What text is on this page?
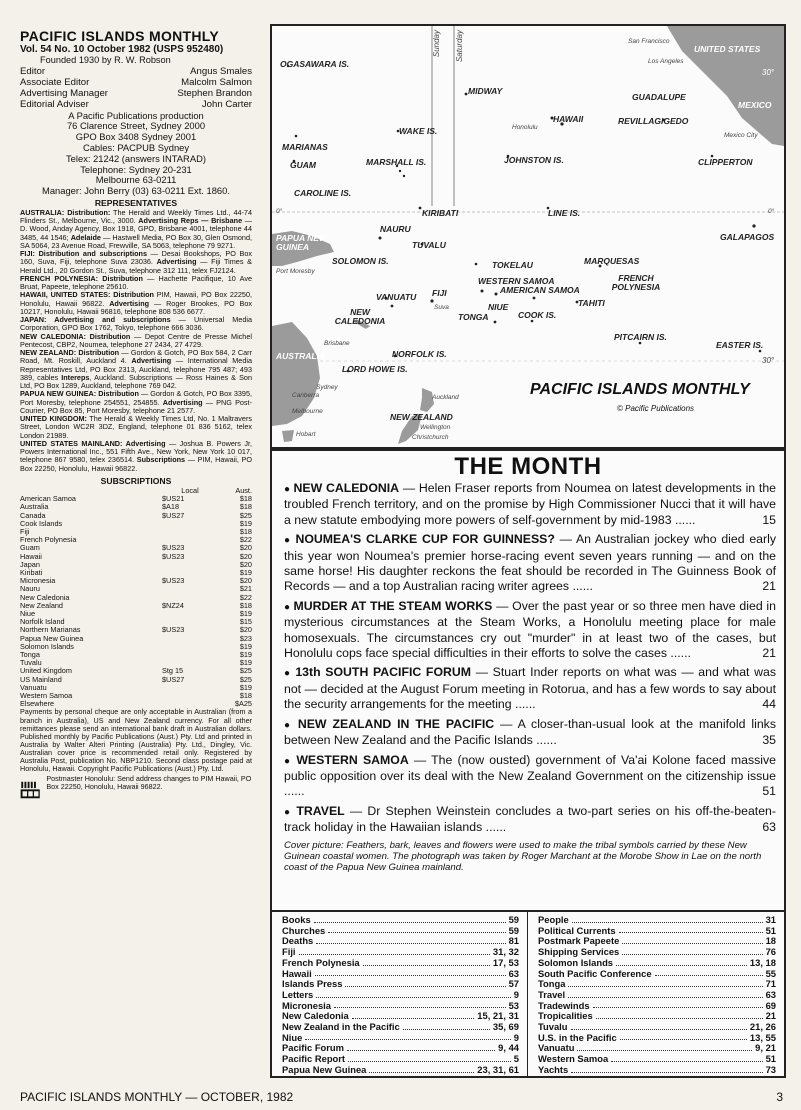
PACIFIC ISLANDS MONTHLY
Vol. 54 No. 10 October 1982 (USPS 952480)
Founded 1930 by R. W. Robson
Editor	Angus Smales
Associate Editor	Malcolm Salmon
Advertising Manager	Stephen Brandon
Editorial Adviser	John Carter
A Pacific Publications production
76 Clarence Street, Sydney 2000
GPO Box 3408 Sydney 2001
Cables: PACPUB Sydney
Telex: 21242 (answers INTARAD)
Telephone: Sydney 20-231
Melbourne 63-0211
Manager: John Berry (03) 63-0211 Ext. 1860.
REPRESENTATIVES

AUSTRALIA: Distribution: The Herald and Weekly Times Ltd., 44-74 Flinders St., Melbourne, Vic., 3000. Advertising Reps — Brisbane — D. Wood, Anday Agency, Box 1918, GPO, Brisbane 4001, telephone 44 3485, 44 1546; Adelaide — Hastwell Media, PO Box 30, Glen Osmond, SA 5064, 23 Avenue Road, Frewville, SA 5063, telephone 79 9271.

FIJI: Distribution and subscriptions — Desai Bookshops, PO Box 160, Suva, Fiji, telephone Suva 23036. Advertising — Fiji Times & Herald Ltd., 20 Gordon St., Suva, telephone 312 111, telex FJ2124.

FRENCH POLYNESIA: Distribution — Hachette Pacifique, 10 Ave Bruat, Papeete, telephone 25610.

HAWAII, UNITED STATES: Distribution PIM, Hawaii, PO Box 22250, Honolulu, Hawaii 96822. Advertising — Roger Brookes, PO Box 10217, Honolulu, Hawaii 96816, telephone 808 536 6677.

JAPAN: Advertising and subscriptions — Universal Media Corporation, GPO Box 1762, Tokyo, telephone 666 3036.

NEW CALEDONIA: Distribution — Depot Centre de Presse Michel Pentecost, CBP2, Noumea, telephone 27 2434, 27 4729.

NEW ZEALAND: Distribution — Gordon & Gotch, PO Box 584, 2 Carr Road, Mt. Roskill, Auckland 4. Advertising — International Media Representatives Ltd, PO Box 2313, Auckland, telephone 795 487; 493 389, cables Intereps, Auckland. Subscriptions — Ross Haines & Son Ltd, PO Box 1289, Auckland, telephone 769 042.

PAPUA NEW GUINEA: Distribution — Gordon & Gotch, PO Box 3395, Port Moresby, telephone 254551, 254855. Advertising — PNG Post-Courier, PO Box 85, Port Moresby, telephone 21 2577.

UNITED KINGDOM: The Herald & Weekly Times Ltd, No. 1 Maltravers Street, London WC2R 3DZ, England, telephone 01 836 5162, telex London 21989.

UNITED STATES MAINLAND: Advertising — Joshua B. Powers Jr, Powers International Inc., 551 Fifth Ave., New York, New York 10 017, telephone 867 9580, telex 236514. Subscriptions — PIM, Hawaii, PO Box 22250, Honolulu, Hawaii 96822.

SUBSCRIPTIONS
	Local	Aust.
American Samoa	$US21	$18
Australia	$A18	$18
Canada	$US27	$25
Cook Islands		$19
Fiji		$18
French Polynesia		$22
Guam	$US23	$20
Hawaii	$US23	$20
Japan		$20
Kiribati		$19
Micronesia	$US23	$20
Nauru		$21
New Caledonia		$22
New Zealand	$NZ24	$18
Niue		$19
Norfolk Island		$15
Northern Marianas	$US23	$20
Papua New Guinea		$23
Solomon Islands		$19
Tonga		$19
Tuvalu		$19
United Kingdom	Stg 15	$25
US Mainland	$US27	$25
Vanuatu		$19
Western Samoa		$18
Elsewhere		$A25
Payments by personal cheque are only acceptable in Australian (from a branch in Australia), US and New Zealand currency. For all other remittances please send an international bank draft in Australian dollars. Published monthly by Pacific Publications (Aust.) Pty. Ltd and printed in Australia by Walter Alteri Printing (Australia) Pty. Ltd., Dingley, Vic. Australian cover price is recommended retail only. Registered by Australia Post, publication No. NBP1210. Second class postage paid at Honolulu, Hawaii. Copyright Pacific Publications (Aust.) Pty. Ltd.
Postmaster Honolulu: Send address changes to PIM Hawaii, PO Box 22250, Honolulu, Hawaii 96822.
Sunday Saturday
OGASAWARA IS.
MARIANAS
GUAM
CAROLINE IS.
MARSHALL IS.
WAKE IS.
MIDWAY
HAWAII
Honolulu
JOHNSTON IS.
GUADALUPE
REVILLAGIGEDO
CLIPPERTON
UNITED STATES
MEXICO
San Francisco
Los Angeles
Mexico City
KIRIBATI	LINE IS.
NAURU
PAPUA NEW GUINEA
Port Moresby
SOLOMON IS.
TUVALU
TOKELAU	MARQUESAS
WESTERN SAMOA
AMERICAN SAMOA
FRENCH POLYNESIA
TAHITI
FIJI
Suva
VANUATU
NIUE
TONGA	COOK IS.
NEW CALEDONIA
AUSTRALIA
Brisbane
Sydney
Canberra
Melbourne
Hobart
NORFOLK IS.
LORD HOWE IS.
Auckland
NEW ZEALAND
Wellington
Christchurch
PITCAIRN IS.
EASTER IS.
GALAPAGOS
30°
0°	0°
30°
PACIFIC ISLANDS MONTHLY
© Pacific Publications
THE MONTH

● NEW CALEDONIA — Helen Fraser reports from Noumea on latest developments in the troubled French territory, and on the promise by High Commissioner Nucci that it will have a new statute embodying more powers of self-government by mid-1983 ......	15

● NOUMEA'S CLARKE CUP FOR GUINNESS? — An Australian jockey who died early this year won Noumea's premier horse-racing event seven years running — and on the same horse! His daughter reckons the feat should be recorded in The Guinness Book of Records — and a top Australian racing writer agrees ......	21

● MURDER AT THE STEAM WORKS — Over the past year or so three men have died in mysterious circumstances at the Steam Works, a Honolulu meeting place for male homosexuals. The circumstances cry out "murder" in at least two of the cases, but Honolulu cops face special difficulties in their efforts to solve the cases ......	21

● 13th SOUTH PACIFIC FORUM — Stuart Inder reports on what was — and what was not — decided at the August Forum meeting in Rotorua, and has a few words to say about the security arrangements for the meeting ......	44

● NEW ZEALAND IN THE PACIFIC — A closer-than-usual look at the manifold links between New Zealand and the Pacific Islands ......	35

● WESTERN SAMOA — The (now ousted) government of Va'ai Kolone faced massive public opposition over its deal with the New Zealand Government on the citizenship issue ......	51

● TRAVEL — Dr Stephen Weinstein concludes a two-part series on his off-the-beaten-track holiday in the Hawaiian islands ......	63

Cover picture: Feathers, bark, leaves and flowers were used to make the tribal symbols carried by these New Guinean coastal women. The photograph was taken by Roger Marchant at the Morobe Show in Lae on the north coast of the Papua New Guinea mainland.
Books	59
Churches	59
Deaths	81
Fiji	31, 32
French Polynesia	17, 53
Hawaii	63
Islands Press	57
Letters	9
Micronesia	53
New Caledonia	15, 21, 31
New Zealand in the Pacific	35, 69
Niue	9
Pacific Forum	9, 44
Pacific Report	5
Papua New Guinea	23, 31, 61
People	31
Political Currents	51
Postmark Papeete	18
Shipping Services	76
Solomon Islands	13, 18
South Pacific Conference	55
Tonga	71
Travel	63
Tradewinds	69
Tropicalities	21
Tuvalu	21, 26
U.S. in the Pacific	13, 55
Vanuatu	9, 21
Western Samoa	51
Yachts	73
PACIFIC ISLANDS MONTHLY — OCTOBER, 1982	3
